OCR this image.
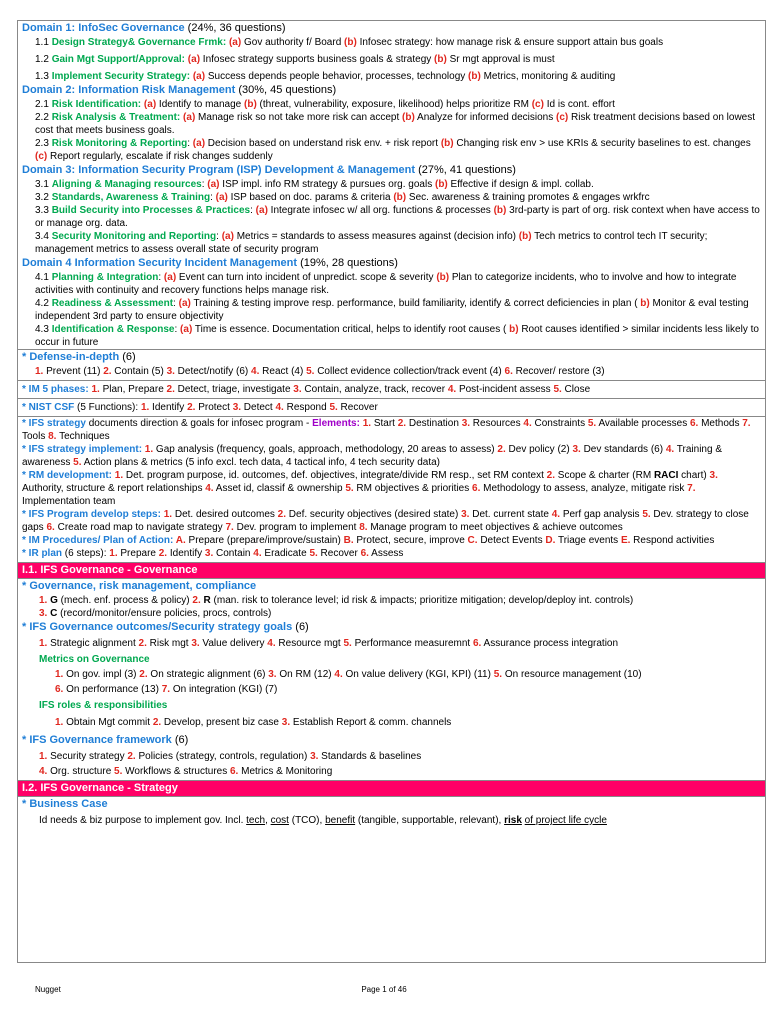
Domain 1: InfoSec Governance (24%, 36 questions)
1.1 Design Strategy& Governance Frmk: (a) Gov authority f/ Board (b) Infosec strategy: how manage risk & ensure support attain bus goals
1.2 Gain Mgt Support/Approval: (a) Infosec strategy supports business goals & strategy (b) Sr mgt approval is must
1.3 Implement Security Strategy: (a) Success depends people behavior, processes, technology (b) Metrics, monitoring & auditing
Domain 2: Information Risk Management (30%, 45 questions)
2.1 Risk Identification: (a) Identify to manage (b) (threat, vulnerability, exposure, likelihood) helps prioritize RM (c) Id is cont. effort
2.2 Risk Analysis & Treatment: (a) Manage risk so not take more risk can accept (b) Analyze for informed decisions (c) Risk treatment decisions based on lowest cost that meets business goals.
2.3 Risk Monitoring & Reporting: (a) Decision based on understand risk env. + risk report (b) Changing risk env > use KRIs & security baselines to est. changes (c) Report regularly, escalate if risk changes suddenly
Domain 3: Information Security Program (ISP) Development & Management (27%, 41 questions)
3.1 Aligning & Managing resources: (a) ISP impl. info RM strategy & pursues org. goals (b) Effective if design & impl. collab.
3.2 Standards, Awareness & Training: (a) ISP based on doc. params & criteria (b) Sec. awareness & training promotes & engages wrkfrc
3.3 Build Security into Processes & Practices: (a) Integrate infosec w/ all org. functions & processes (b) 3rd-party is part of org. risk context when have access to or manage org. data.
3.4 Security Monitoring and Reporting: (a) Metrics = standards to assess measures against (decision info) (b) Tech metrics to control tech IT security; management metrics to assess overall state of security program
Domain 4 Information Security Incident Management (19%, 28 questions)
4.1 Planning & Integration: (a) Event can turn into incident of unpredict. scope & severity (b) Plan to categorize incidents, who to involve and how to integrate activities with continuity and recovery functions helps manage risk.
4.2 Readiness & Assessment: (a) Training & testing improve resp. performance, build familiarity, identify & correct deficiencies in plan ( b) Monitor & eval testing independent 3rd party to ensure objectivity
4.3 Identification & Response: (a) Time is essence. Documentation critical, helps to identify root causes ( b) Root causes identified > similar incidents less likely to occur in future
* Defense-in-depth (6)
1. Prevent (11) 2. Contain (5) 3. Detect/notify (6) 4. React (4) 5. Collect evidence collection/track event (4) 6. Recover/ restore (3)
* IM 5 phases: 1. Plan, Prepare 2. Detect, triage, investigate 3. Contain, analyze, track, recover 4. Post-incident assess 5. Close
* NIST CSF (5 Functions): 1. Identify 2. Protect 3. Detect 4. Respond 5. Recover
* IFS strategy documents direction & goals for infosec program - Elements: 1. Start 2. Destination 3. Resources 4. Constraints 5. Available processes 6. Methods 7. Tools 8. Techniques
* IFS strategy implement: 1. Gap analysis (frequency, goals, approach, methodology, 20 areas to assess) 2. Dev policy (2) 3. Dev standards (6) 4. Training & awareness 5. Action plans & metrics (5 info excl. tech data, 4 tactical info, 4 tech security data)
* RM development: 1. Det. program purpose, id. outcomes, def. objectives, integrate/divide RM resp., set RM context 2. Scope & charter (RM RACI chart) 3. Authority, structure & report relationships 4. Asset id, classif & ownership 5. RM objectives & priorities 6. Methodology to assess, analyze, mitigate risk 7. Implementation team
* IFS Program develop steps: 1. Det. desired outcomes 2. Def. security objectives (desired state) 3. Det. current state 4. Perf gap analysis 5. Dev. strategy to close gaps 6. Create road map to navigate strategy 7. Dev. program to implement 8. Manage program to meet objectives & achieve outcomes
* IM Procedures/ Plan of Action: A. Prepare (prepare/improve/sustain) B. Protect, secure, improve C. Detect Events D. Triage events E. Respond activities
* IR plan (6 steps): 1. Prepare 2. Identify 3. Contain 4. Eradicate 5. Recover 6. Assess
I.1. IFS Governance - Governance
* Governance, risk management, compliance
1. G (mech. enf. process & policy) 2. R (man. risk to tolerance level; id risk & impacts; prioritize mitigation; develop/deploy int. controls)
3. C (record/monitor/ensure policies, procs, controls)
* IFS Governance outcomes/Security strategy goals (6)
1. Strategic alignment 2. Risk mgt 3. Value delivery 4. Resource mgt 5. Performance measuremnt 6. Assurance process integration
Metrics on Governance
1. On gov. impl (3) 2. On strategic alignment (6) 3. On RM (12) 4. On value delivery (KGI, KPI) (11) 5. On resource management (10)
6. On performance (13) 7. On integration (KGI) (7)
IFS roles & responsibilities
1. Obtain Mgt commit 2. Develop, present biz case 3. Establish Report & comm. channels
* IFS Governance framework (6)
1. Security strategy 2. Policies (strategy, controls, regulation) 3. Standards & baselines
4. Org. structure 5. Workflows & structures 6. Metrics & Monitoring
I.2. IFS Governance - Strategy
* Business Case
Id needs & biz purpose to implement gov. Incl. tech, cost (TCO), benefit (tangible, supportable, relevant), risk of project life cycle
Nugget	Page 1 of 46
